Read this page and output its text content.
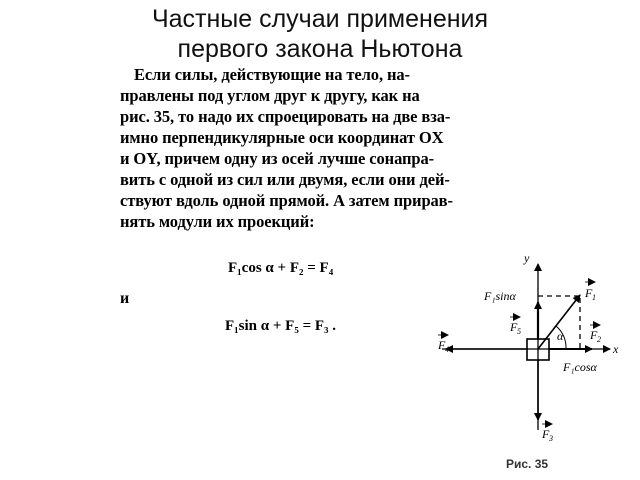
Частные случаи применения
первого закона Ньютона
Если силы, действующие на тело, на-
правлены под углом друг к другу, как на
рис. 35, то надо их спроецировать на две вза-
имно перпендикулярные оси координат OX
и OY, причем одну из осей лучше сонапра-
вить с одной из сил или двумя, если они дей-
ствуют вдоль одной прямой. А затем прирав-
нять модули их проекций:
F₁cos α + F₂ = F₄
и
F₁sin α + F₅ = F₃ .
y
x
F 1
F 2
F 3
F 4
F 5
F₁sinα
F₁cosα
α
Рис. 35
